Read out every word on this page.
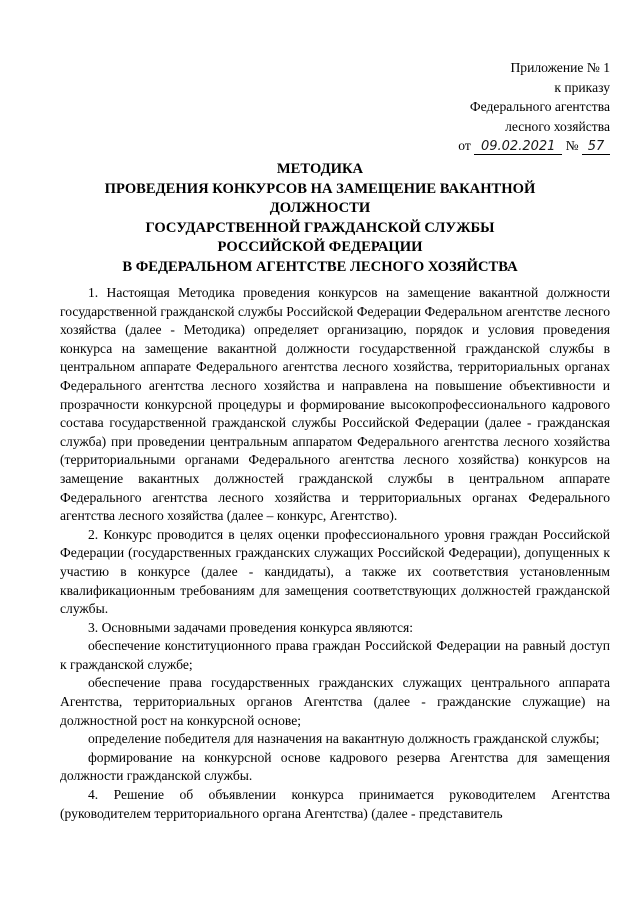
Приложение № 1
к приказу
Федерального агентства
лесного хозяйства
от 09.02.2021 № 57
МЕТОДИКА
ПРОВЕДЕНИЯ КОНКУРСОВ НА ЗАМЕЩЕНИЕ ВАКАНТНОЙ
ДОЛЖНОСТИ
ГОСУДАРСТВЕННОЙ ГРАЖДАНСКОЙ СЛУЖБЫ
РОССИЙСКОЙ ФЕДЕРАЦИИ
В ФЕДЕРАЛЬНОМ АГЕНТСТВЕ ЛЕСНОГО ХОЗЯЙСТВА

1. Настоящая Методика проведения конкурсов на замещение вакантной должности государственной гражданской службы Российской Федерации Федеральном агентстве лесного хозяйства (далее - Методика) определяет организацию, порядок и условия проведения конкурса на замещение вакантной должности государственной гражданской службы в центральном аппарате Федерального агентства лесного хозяйства, территориальных органах Федерального агентства лесного хозяйства и направлена на повышение объективности и прозрачности конкурсной процедуры и формирование высокопрофессионального кадрового состава государственной гражданской службы Российской Федерации (далее - гражданская служба) при проведении центральным аппаратом Федерального агентства лесного хозяйства (территориальными органами Федерального агентства лесного хозяйства) конкурсов на замещение вакантных должностей гражданской службы в центральном аппарате Федерального агентства лесного хозяйства и территориальных органах Федерального агентства лесного хозяйства (далее – конкурс, Агентство).

2. Конкурс проводится в целях оценки профессионального уровня граждан Российской Федерации (государственных гражданских служащих Российской Федерации), допущенных к участию в конкурсе (далее - кандидаты), а также их соответствия установленным квалификационным требованиям для замещения соответствующих должностей гражданской службы.

3. Основными задачами проведения конкурса являются:

обеспечение конституционного права граждан Российской Федерации на равный доступ к гражданской службе;

обеспечение права государственных гражданских служащих центрального аппарата Агентства, территориальных органов Агентства (далее - гражданские служащие) на должностной рост на конкурсной основе;

определение победителя для назначения на вакантную должность гражданской службы;

формирование на конкурсной основе кадрового резерва Агентства для замещения должности гражданской службы.

4. Решение об объявлении конкурса принимается руководителем Агентства (руководителем территориального органа Агентства) (далее - представитель
